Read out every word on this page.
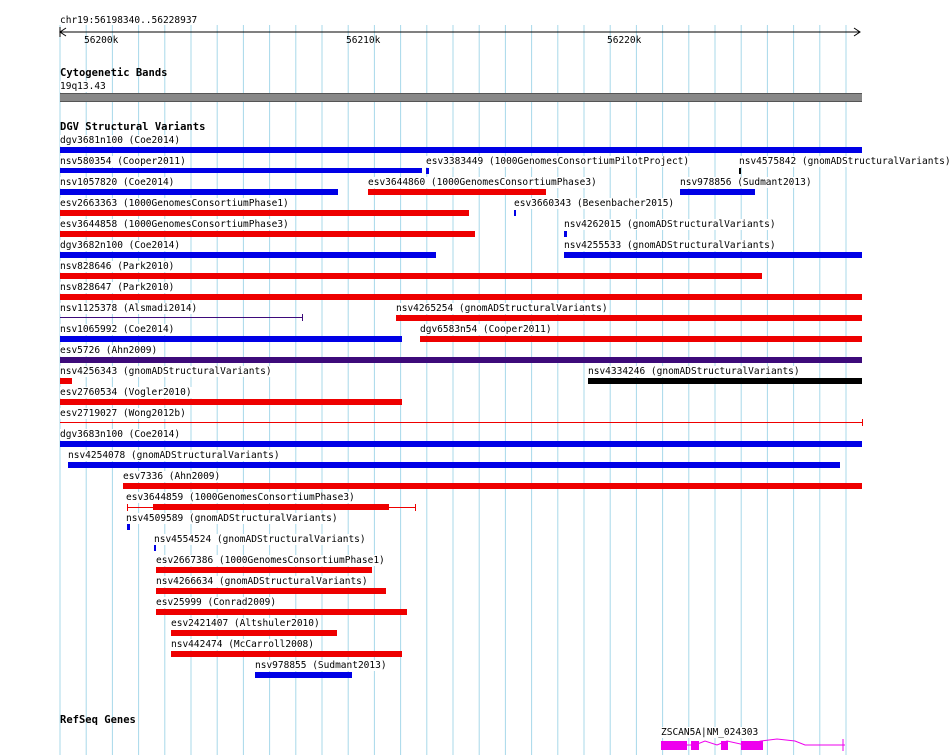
chr19:56198340..56228937
56200k	56210k	56220k
Cytogenetic Bands
19q13.43
DGV Structural Variants
dgv3681n100 (Coe2014)
nsv580354 (Cooper2011)	esv3383449 (1000GenomesConsortiumPilotProject)	nsv4575842 (gnomADStructuralVariants)
nsv1057820 (Coe2014)	esv3644860 (1000GenomesConsortiumPhase3)	nsv978856 (Sudmant2013)
esv2663363 (1000GenomesConsortiumPhase1)	esv3660343 (Besenbacher2015)
esv3644858 (1000GenomesConsortiumPhase3)	nsv4262015 (gnomADStructuralVariants)
dgv3682n100 (Coe2014)	nsv4255533 (gnomADStructuralVariants)
nsv828646 (Park2010)
nsv828647 (Park2010)
nsv1125378 (Alsmadi2014)	nsv4265254 (gnomADStructuralVariants)
nsv1065992 (Coe2014)	dgv6583n54 (Cooper2011)
esv5726 (Ahn2009)
nsv4256343 (gnomADStructuralVariants)	nsv4334246 (gnomADStructuralVariants)
esv2760534 (Vogler2010)
esv2719027 (Wong2012b)
dgv3683n100 (Coe2014)
nsv4254078 (gnomADStructuralVariants)
esv7336 (Ahn2009)
esv3644859 (1000GenomesConsortiumPhase3)
nsv4509589 (gnomADStructuralVariants)
nsv4554524 (gnomADStructuralVariants)
esv2667386 (1000GenomesConsortiumPhase1)
nsv4266634 (gnomADStructuralVariants)
esv25999 (Conrad2009)
esv2421407 (Altshuler2010)
nsv442474 (McCarroll2008)
nsv978855 (Sudmant2013)
RefSeq Genes
ZSCAN5A|NM_024303
